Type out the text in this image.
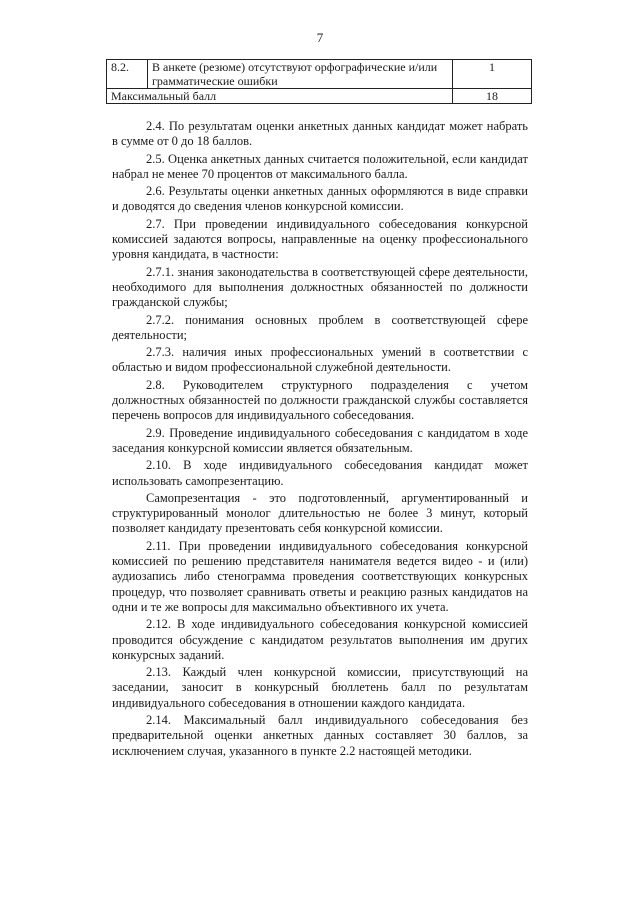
7
8.2.	В анкете (резюме) отсутствуют орфографические и/или грамматические ошибки	1
Максимальный балл		18

2.4. По результатам оценки анкетных данных кандидат может набрать в сумме от 0 до 18 баллов.

2.5. Оценка анкетных данных считается положительной, если кандидат набрал не менее 70 процентов от максимального балла.

2.6. Результаты оценки анкетных данных оформляются в виде справки и доводятся до сведения членов конкурсной комиссии.

2.7. При проведении индивидуального собеседования конкурсной комиссией задаются вопросы, направленные на оценку профессионального уровня кандидата, в частности:

2.7.1. знания законодательства в соответствующей сфере деятельности, необходимого для выполнения должностных обязанностей по должности гражданской службы;

2.7.2. понимания основных проблем в соответствующей сфере деятельности;

2.7.3. наличия иных профессиональных умений в соответствии с областью и видом профессиональной служебной деятельности.

2.8. Руководителем структурного подразделения с учетом должностных обязанностей по должности гражданской службы составляется перечень вопросов для индивидуального собеседования.

2.9. Проведение индивидуального собеседования с кандидатом в ходе заседания конкурсной комиссии является обязательным.

2.10. В ходе индивидуального собеседования кандидат может использовать самопрезентацию.

Самопрезентация - это подготовленный, аргументированный и структурированный монолог длительностью не более 3 минут, который позволяет кандидату презентовать себя конкурсной комиссии.

2.11. При проведении индивидуального собеседования конкурсной комиссией по решению представителя нанимателя ведется видео - и (или) аудиозапись либо стенограмма проведения соответствующих конкурсных процедур, что позволяет сравнивать ответы и реакцию разных кандидатов на одни и те же вопросы для максимально объективного их учета.

2.12. В ходе индивидуального собеседования конкурсной комиссией проводится обсуждение с кандидатом результатов выполнения им других конкурсных заданий.

2.13. Каждый член конкурсной комиссии, присутствующий на заседании, заносит в конкурсный бюллетень балл по результатам индивидуального собеседования в отношении каждого кандидата.

2.14. Максимальный балл индивидуального собеседования без предварительной оценки анкетных данных составляет 30 баллов, за исключением случая, указанного в пункте 2.2 настоящей методики.
